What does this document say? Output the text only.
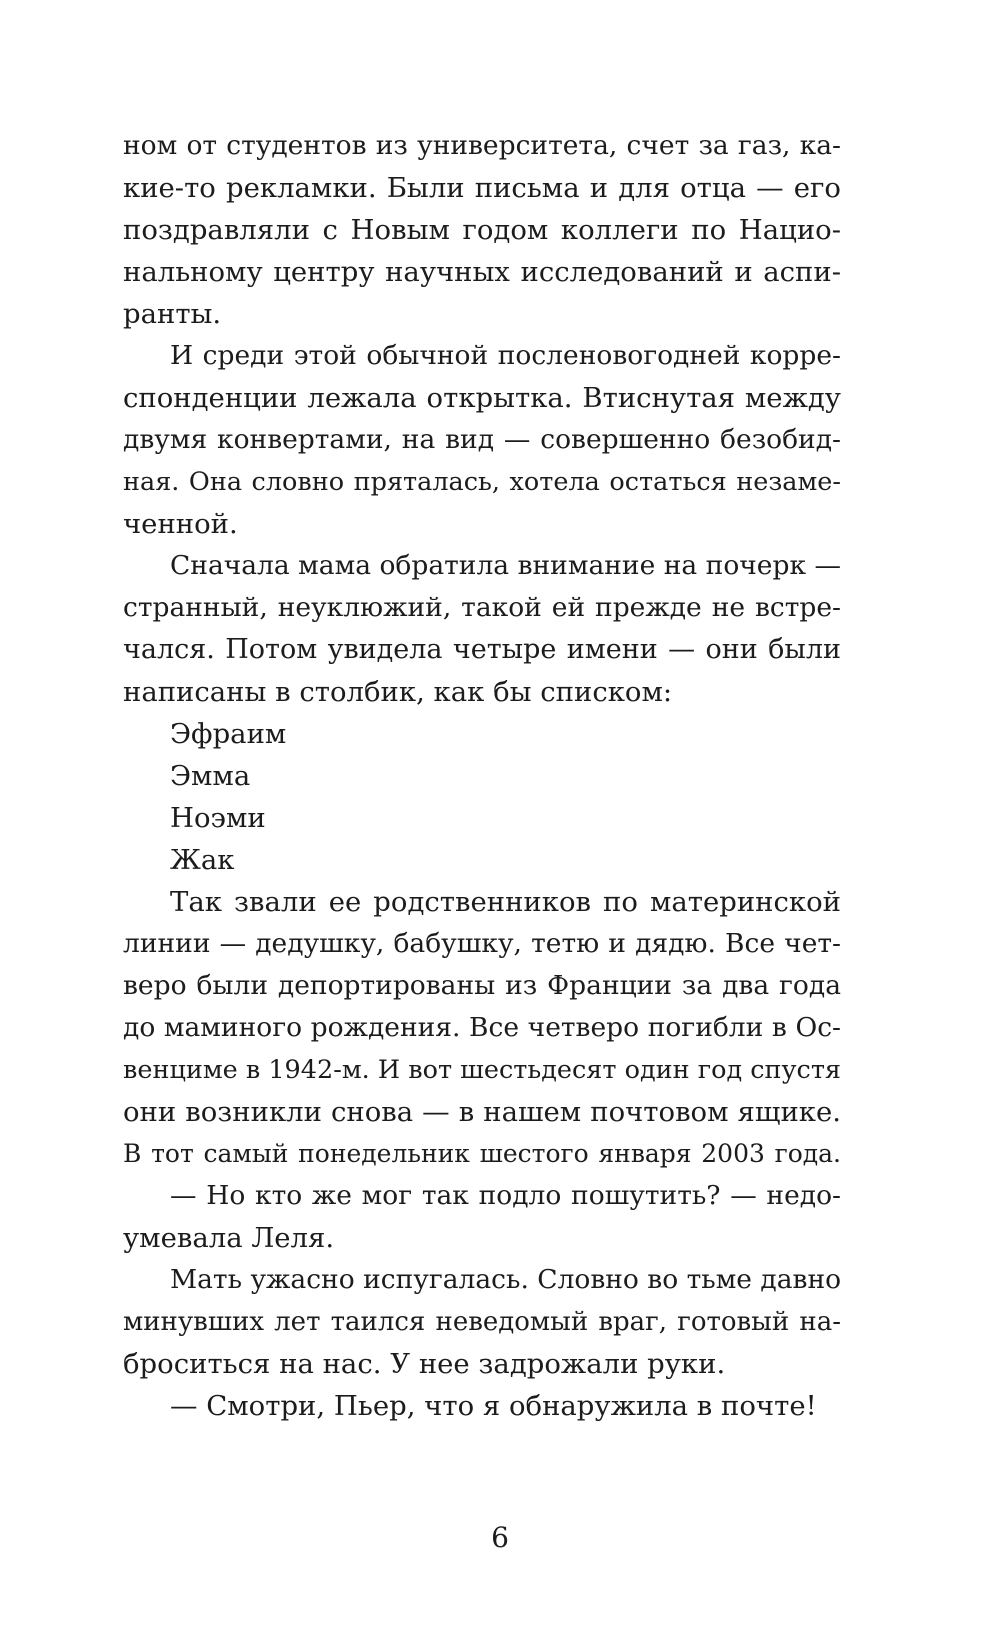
ном от студентов из университета, счет за газ, ка-
кие-то рекламки. Были письма и для отца — его
поздравляли с Новым годом коллеги по Нацио-
нальному центру научных исследований и аспи-
ранты.
И среди этой обычной посленовогодней корре-
спонденции лежала открытка. Втиснутая между
двумя конвертами, на вид — совершенно безобид-
ная. Она словно пряталась, хотела остаться незаме-
ченной.
Сначала мама обратила внимание на почерк —
странный, неуклюжий, такой ей прежде не встре-
чался. Потом увидела четыре имени — они были
написаны в столбик, как бы списком:
Эфраим
Эмма
Ноэми
Жак
Так звали ее родственников по материнской
линии — дедушку, бабушку, тетю и дядю. Все чет-
веро были депортированы из Франции за два года
до маминого рождения. Все четверо погибли в Ос-
венциме в 1942-м. И вот шестьдесят один год спустя
они возникли снова — в нашем почтовом ящике.
В тот самый понедельник шестого января 2003 года.
— Но кто же мог так подло пошутить? — недо-
умевала Леля.
Мать ужасно испугалась. Словно во тьме давно
минувших лет таился неведомый враг, готовый на-
броситься на нас. У нее задрожали руки.
— Смотри, Пьер, что я обнаружила в почте!
6
